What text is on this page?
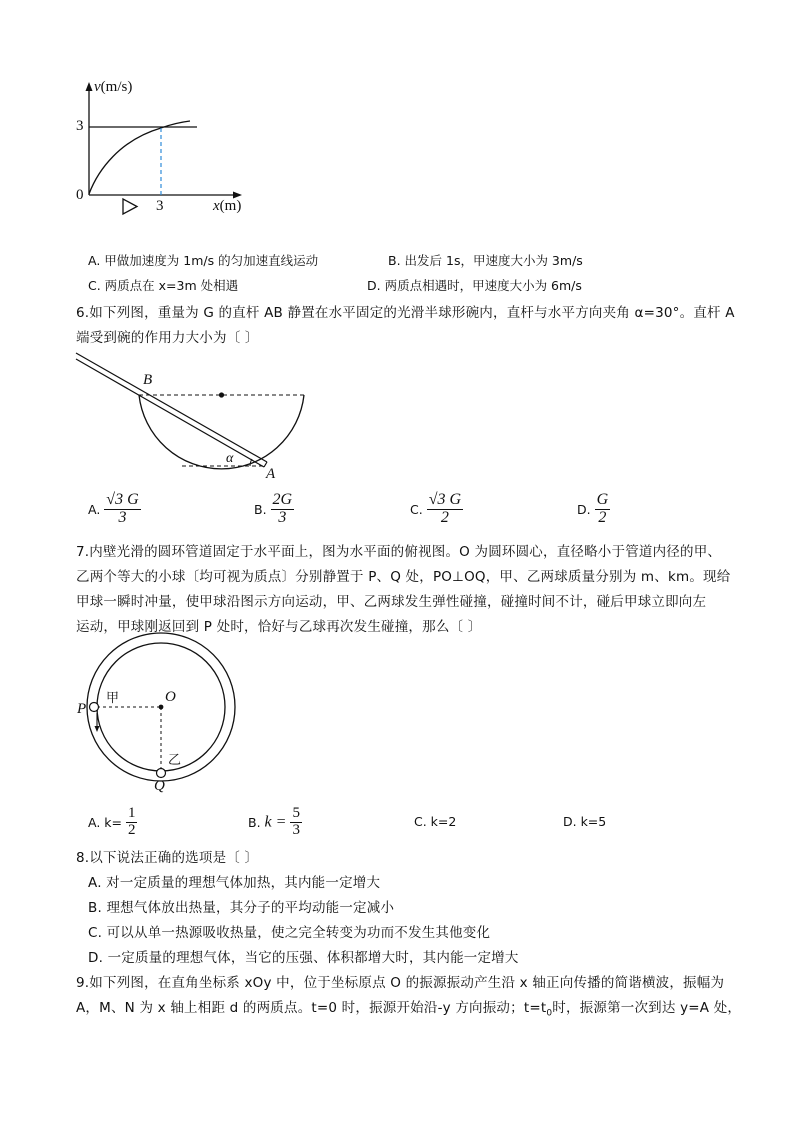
v(m/s)
3
0
3	x(m)
A. 甲做加速度为 1m/s 的匀加速直线运动	B. 出发后 1s，甲速度大小为 3m/s
C. 两质点在 x=3m 处相遇	D. 两质点相遇时，甲速度大小为 6m/s
6.如下列图，重量为 G 的直杆 AB 静置在水平固定的光滑半球形碗内，直杆与水平方向夹角 α=30°。直杆 A
端受到碗的作用力大小为〔 〕
B
A
α
A. $\frac{√3 G}{3}$	B. $\frac{2G}{3}$	C. $\frac{√3 G}{2}$	D. $\frac{G}{2}$
7.内壁光滑的圆环管道固定于水平面上，图为水平面的俯视图。O 为圆环圆心，直径略小于管道内径的甲、
乙两个等大的小球〔均可视为质点〕分别静置于 P、Q 处，PO⊥OQ，甲、乙两球质量分别为 m、km。现给
甲球一瞬时冲量，使甲球沿图示方向运动，甲、乙两球发生弹性碰撞，碰撞时间不计，碰后甲球立即向左
运动，甲球刚返回到 P 处时，恰好与乙球再次发生碰撞，那么〔 〕
P
O
Q
甲
乙
A. $k= \frac{1}{2}$	B. $k = \frac{5}{3}$	C. k=2	D. k=5
8.以下说法正确的选项是〔 〕
A. 对一定质量的理想气体加热，其内能一定增大
B. 理想气体放出热量，其分子的平均动能一定减小
C. 可以从单一热源吸收热量，使之完全转变为功而不发生其他变化
D. 一定质量的理想气体，当它的压强、体积都增大时，其内能一定增大
9.如下列图，在直角坐标系 xOy 中，位于坐标原点 O 的振源振动产生沿 x 轴正向传播的简谐横波，振幅为
A，M、N 为 x 轴上相距 d 的两质点。t=0 时，振源开始沿-y 方向振动；$t=t_0$时，振源第一次到达 y=A 处，
